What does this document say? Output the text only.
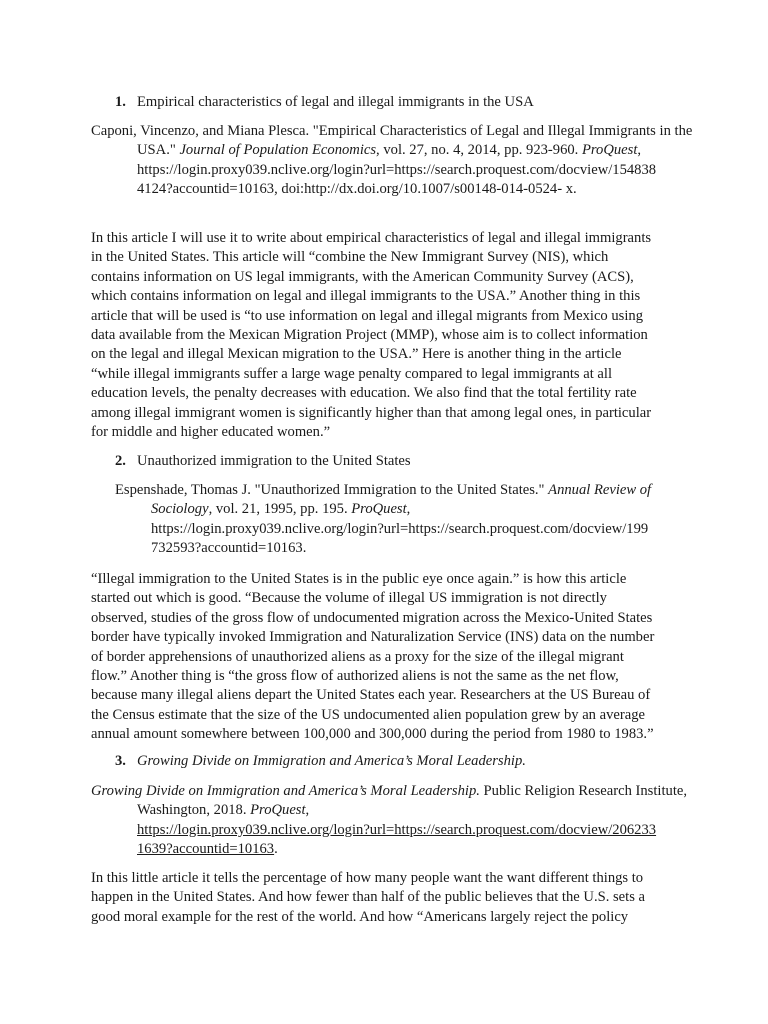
1. Empirical characteristics of legal and illegal immigrants in the USA
Caponi, Vincenzo, and Miana Plesca. "Empirical Characteristics of Legal and Illegal Immigrants in the USA." Journal of Population Economics, vol. 27, no. 4, 2014, pp. 923-960. ProQuest,
https://login.proxy039.nclive.org/login?url=https://search.proquest.com/docview/154838
4124?accountid=10163, doi:http://dx.doi.org/10.1007/s00148-014-0524- x.
In this article I will use it to write about empirical characteristics of legal and illegal immigrants
in the United States. This article will “combine the New Immigrant Survey (NIS), which
contains information on US legal immigrants, with the American Community Survey (ACS),
which contains information on legal and illegal immigrants to the USA.” Another thing in this
article that will be used is “to use information on legal and illegal migrants from Mexico using
data available from the Mexican Migration Project (MMP), whose aim is to collect information
on the legal and illegal Mexican migration to the USA.” Here is another thing in the article
“while illegal immigrants suffer a large wage penalty compared to legal immigrants at all
education levels, the penalty decreases with education. We also find that the total fertility rate
among illegal immigrant women is significantly higher than that among legal ones, in particular
for middle and higher educated women.”
2. Unauthorized immigration to the United States
Espenshade, Thomas J. "Unauthorized Immigration to the United States." Annual Review of Sociology, vol. 21, 1995, pp. 195. ProQuest,
https://login.proxy039.nclive.org/login?url=https://search.proquest.com/docview/199
732593?accountid=10163.
“Illegal immigration to the United States is in the public eye once again.” is how this article
started out which is good. “Because the volume of illegal US immigration is not directly
observed, studies of the gross flow of undocumented migration across the Mexico-United States
border have typically invoked Immigration and Naturalization Service (INS) data on the number
of border apprehensions of unauthorized aliens as a proxy for the size of the illegal migrant
flow.” Another thing is “the gross flow of authorized aliens is not the same as the net flow,
because many illegal aliens depart the United States each year. Researchers at the US Bureau of
the Census estimate that the size of the US undocumented alien population grew by an average
annual amount somewhere between 100,000 and 300,000 during the period from 1980 to 1983.”
3. Growing Divide on Immigration and America’s Moral Leadership.
Growing Divide on Immigration and America’s Moral Leadership. Public Religion Research Institute, Washington, 2018. ProQuest,
https://login.proxy039.nclive.org/login?url=https://search.proquest.com/docview/206233
1639?accountid=10163.
In this little article it tells the percentage of how many people want the want different things to
happen in the United States. And how fewer than half of the public believes that the U.S. sets a
good moral example for the rest of the world. And how “Americans largely reject the policy
